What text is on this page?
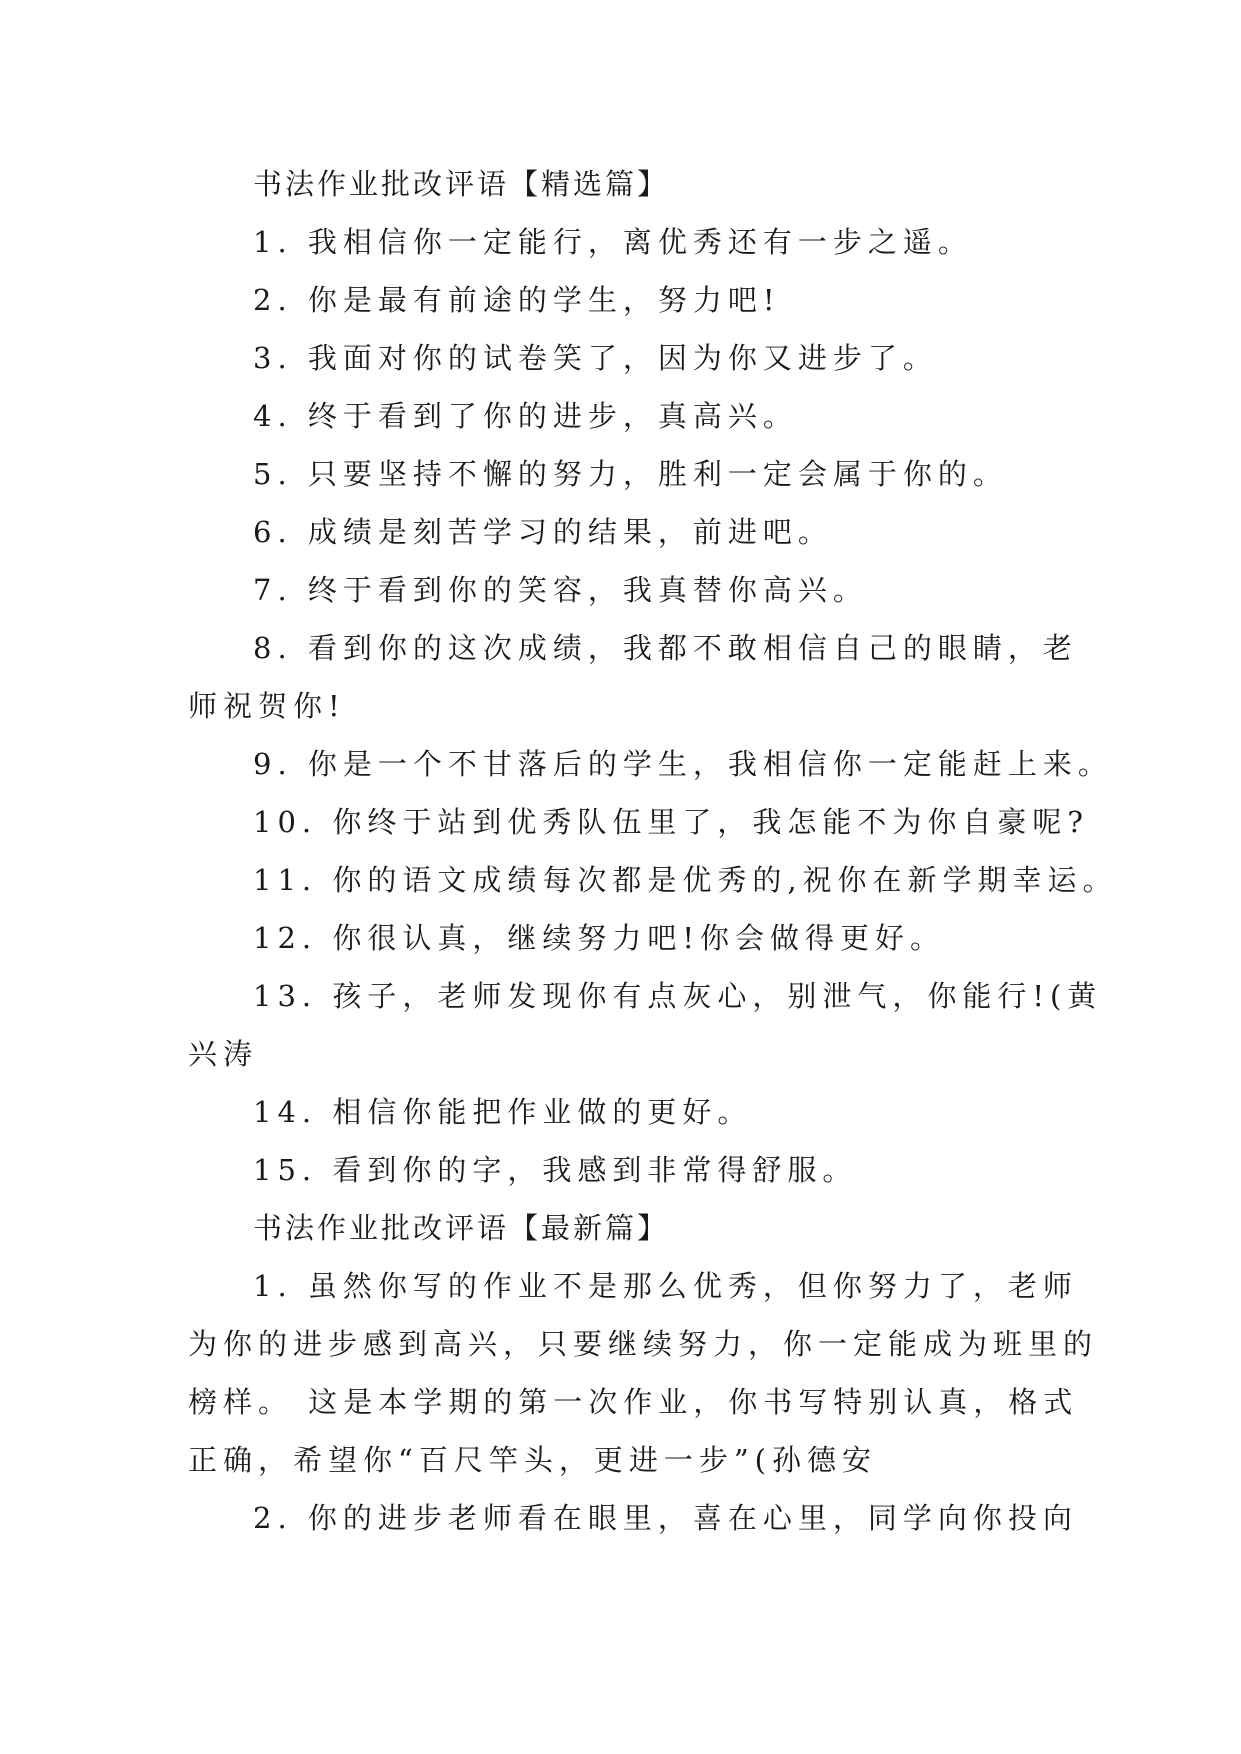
书法作业批改评语【精选篇】
1. 我相信你一定能行，离优秀还有一步之遥。
2. 你是最有前途的学生，努力吧!
3. 我面对你的试卷笑了，因为你又进步了。
4. 终于看到了你的进步，真高兴。
5. 只要坚持不懈的努力，胜利一定会属于你的。
6. 成绩是刻苦学习的结果，前进吧。
7. 终于看到你的笑容，我真替你高兴。
8. 看到你的这次成绩，我都不敢相信自己的眼睛，老
师祝贺你!
9. 你是一个不甘落后的学生，我相信你一定能赶上来。
10. 你终于站到优秀队伍里了，我怎能不为你自豪呢?
11. 你的语文成绩每次都是优秀的,祝你在新学期幸运。
12. 你很认真，继续努力吧!你会做得更好。
13. 孩子，老师发现你有点灰心，别泄气，你能行!(黄
兴涛
14. 相信你能把作业做的更好。
15. 看到你的字，我感到非常得舒服。
书法作业批改评语【最新篇】
1. 虽然你写的作业不是那么优秀，但你努力了，老师
为你的进步感到高兴，只要继续努力，你一定能成为班里的
榜样。 这是本学期的第一次作业，你书写特别认真，格式
正确，希望你“百尺竿头，更进一步”(孙德安
2. 你的进步老师看在眼里，喜在心里，同学向你投向
